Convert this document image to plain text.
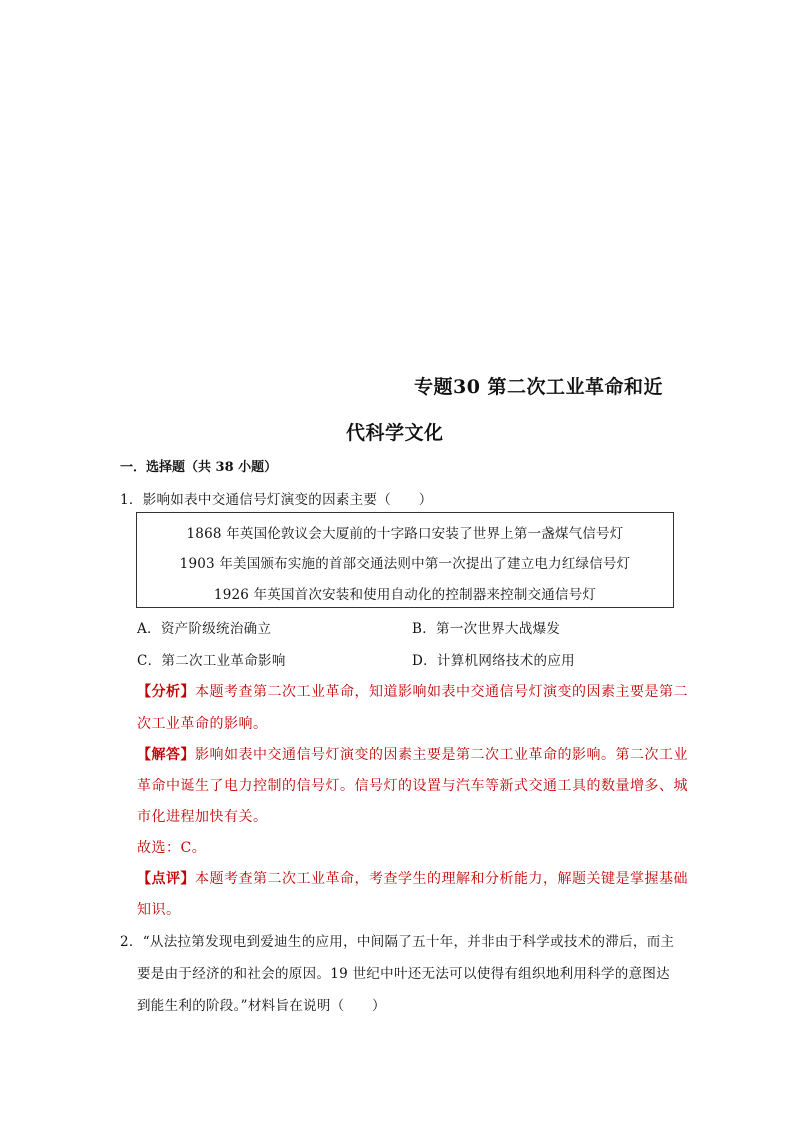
专题30 第二次工业革命和近
代科学文化
一．选择题（共 38 小题）
1．影响如表中交通信号灯演变的因素主要（　　）
1868 年英国伦敦议会大厦前的十字路口安装了世界上第一盏煤气信号灯
1903 年美国颁布实施的首部交通法则中第一次提出了建立电力红绿信号灯
1926 年英国首次安装和使用自动化的控制器来控制交通信号灯
A．资产阶级统治确立	B．第一次世界大战爆发
C．第二次工业革命影响	D．计算机网络技术的应用
【分析】本题考查第二次工业革命，知道影响如表中交通信号灯演变的因素主要是第二
次工业革命的影响。
【解答】影响如表中交通信号灯演变的因素主要是第二次工业革命的影响。第二次工业
革命中诞生了电力控制的信号灯。信号灯的设置与汽车等新式交通工具的数量增多、城
市化进程加快有关。
故选：C。
【点评】本题考查第二次工业革命，考查学生的理解和分析能力，解题关键是掌握基础
知识。
2．“从法拉第发现电到爱迪生的应用，中间隔了五十年，并非由于科学或技术的滞后，而主
要是由于经济的和社会的原因。19 世纪中叶还无法可以使得有组织地利用科学的意图达
到能生利的阶段。”材料旨在说明（　　）
